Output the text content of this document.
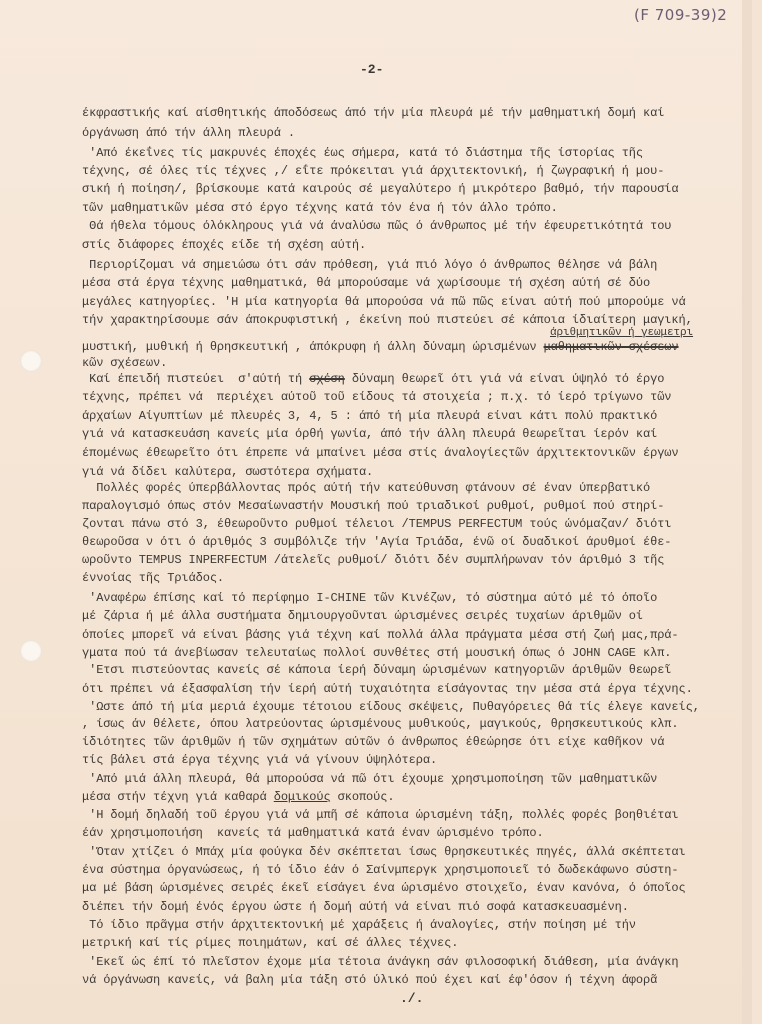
(F 709-39)2
-2-
έκφραστικής καί αίσθητικής άποδόσεως άπό τήν μία πλευρά μέ τήν μαθηματική δομή καί
όργάνωση άπό τήν άλλη πλευρά .
'Από έκεΐνες τίς μακρυνές έποχές έως σήμερα, κατά τό διάστημα τῆς ίστορίας τῆς
τέχνης, σέ όλες τίς τέχνες ,/ εΐτε πρόκειται γιά άρχιτεκτονική, ή ζωγραφική ή μου-
σική ή ποίηση/, βρίσκουμε κατά καιρούς σέ μεγαλύτερο ή μικρότερο βαθμό, τήν παρουσία
τῶν μαθηματικῶν μέσα στό έργο τέχνης κατά τόν ένα ή τόν άλλο τρόπο.
Θά ήθελα τόμους όλόκληρους γιά νά άναλύσω πῶς ό άνθρωπος μέ τήν έφευρετικότητά του
στίς διάφορες έποχές είδε τή σχέση αύτή.
Περιορίζομαι νά σημειώσω ότι σάν πρόθεση, γιά πιό λόγο ό άνθρωπος θέλησε νά βάλη
μέσα στά έργα τέχνης μαθηματικά, θά μπορούσαμε νά χωρίσουμε τή σχέση αύτή σέ δύο
μεγάλες κατηγορίες. 'Η μία κατηγορία θά μπορούσα νά πῶ πῶς είναι αύτή πού μπορούμε νά
τήν χαρακτηρίσουμε σάν άποκρυφιστική , έκείνη πού πιστεύει σέ κάποια ίδιαίτερη μαγική,
μυστική, μυθική ή θρησκευτική , άπόκρυφη ή άλλη δύναμη ώρισμένων μαθηματικῶν σχέσεων
άριθμητικῶν ή γεωμετρι
κῶν σχέσεων.
Καί έπειδή πιστεύει  σ'αύτή τή σχέση δύναμη θεωρεῖ ότι γιά νά είναι ύψηλό τό έργο
τέχνης, πρέπει νά  περιέχει αύτοῦ τοῦ είδους τά στοιχεία ; π.χ. τό ίερό τρίγωνο τῶν
άρχαίων Αίγυπτίων μέ πλευρές 3, 4, 5 : άπό τή μία πλευρά είναι κάτι πολύ πρακτικό
γιά νά κατασκευάση κανείς μία όρθή γωνία, άπό τήν άλλη πλευρά θεωρεῖται ίερόν καί
έπομένως έθεωρεῖτο ότι έπρεπε νά μπαίνει μέσα στίς άναλογίεςτῶν άρχιτεκτονικῶν έργων
γιά νά δίδει καλύτερα, σωστότερα σχήματα.
Πολλές φορές ύπερβάλλοντας πρός αύτή τήν κατεύθυνση φτάνουν σέ έναν ύπερβατικό
παραλογισμό όπως στόν Μεσαίωναστήν Μουσική πού τριαδικοί ρυθμοί, ρυθμοί πού στηρί-
ζονται πάνω στό 3, έθεωροῦντο ρυθμοί τέλειοι /TEMPUS PERFECTUM τούς ώνόμαζαν/ διότι
θεωροῦσα ν ότι ό άριθμός 3 συμβόλιζε τήν 'Αγία Τριάδα, ένῶ οί δυαδικοί άρυθμοί έθε-
ωροῦντο TEMPUS INPERFECTUM /άτελεῖς ρυθμοί/ διότι δέν συμπλήρωναν τόν άριθμό 3 τῆς
έννοίας τῆς Τριάδος.
'Αναφέρω έπίσης καί τό περίφημο I-CHINE τῶν Κινέζων, τό σύστημα αύτό μέ τό όποῖο
μέ ζάρια ή μέ άλλα συστήματα δημιουργοῦνται ώρισμένες σειρές τυχαίων άριθμῶν οί
όποίες μπορεῖ νά είναι βάσης γιά τέχνη καί πολλά άλλα πράγματα μέσα στή ζωή μας,πρά-
γματα πού τά άνεβίωσαν τελευταίως πολλοί συνθέτες στή μουσική όπως ό JOHN CAGE κλπ.
'Ετσι πιστεύοντας κανείς σέ κάποια ίερή δύναμη ώρισμένων κατηγοριῶν άριθμῶν θεωρεῖ
ότι πρέπει νά έξασφαλίση τήν ίερή αύτή τυχαιότητα είσάγοντας την μέσα στά έργα τέχνης.
'Ωστε άπό τή μία μεριά έχουμε τέτοιου είδους σκέψεις, Πυθαγόρειες θά τίς έλεγε κανείς,
, ίσως άν θέλετε, όπου λατρεύοντας ώρισμένους μυθικούς, μαγικούς, θρησκευτικούς κλπ.
ίδιότητες τῶν άριθμῶν ή τῶν σχημάτων αύτῶν ό άνθρωπος έθεώρησε ότι είχε καθῆκον νά
τίς βάλει στά έργα τέχνης γιά νά γίνουν ύψηλότερα.
'Από μιά άλλη πλευρά, θά μπορούσα νά πῶ ότι έχουμε χρησιμοποίηση τῶν μαθηματικῶν
μέσα στήν τέχνη γιά καθαρά δομικούς σκοπούς.
'Η δομή δηλαδή τοῦ έργου γιά νά μπῆ σέ κάποια ώρισμένη τάξη, πολλές φορές βοηθιέται
έάν χρησιμοποιήση  κανείς τά μαθηματικά κατά έναν ώρισμένο τρόπο.
'Όταν χτίζει ό Μπάχ μία φούγκα δέν σκέπτεται ίσως θρησκευτικές πηγές, άλλά σκέπτεται
ένα σύστημα όργανώσεως, ή τό ίδιο έάν ό Σαίνμπεργκ χρησιμοποιεῖ τό δωδεκάφωνο σύστη-
μα μέ βάση ώρισμένες σειρές έκεῖ είσάγει ένα ώρισμένο στοιχεῖο, έναν κανόνα, ό όποῖος
διέπει τήν δομή ένός έργου ώστε ή δομή αύτή νά είναι πιό σοφά κατασκευασμένη.
Τό ίδιο πρᾶγμα στήν άρχιτεκτονική μέ χαράξεις ή άναλογίες, στήν ποίηση μέ τήν
μετρική καί τίς ρίμες ποιημάτων, καί σέ άλλες τέχνες.
'Εκεῖ ώς έπί τό πλεῖστον έχομε μία τέτοια άνάγκη σάν φιλοσοφική διάθεση, μία άνάγκη
νά όργάνωση κανείς, νά βαλη μία τάξη στό ύλικό πού έχει καί έφ'όσον ή τέχνη άφορᾶ
./.
